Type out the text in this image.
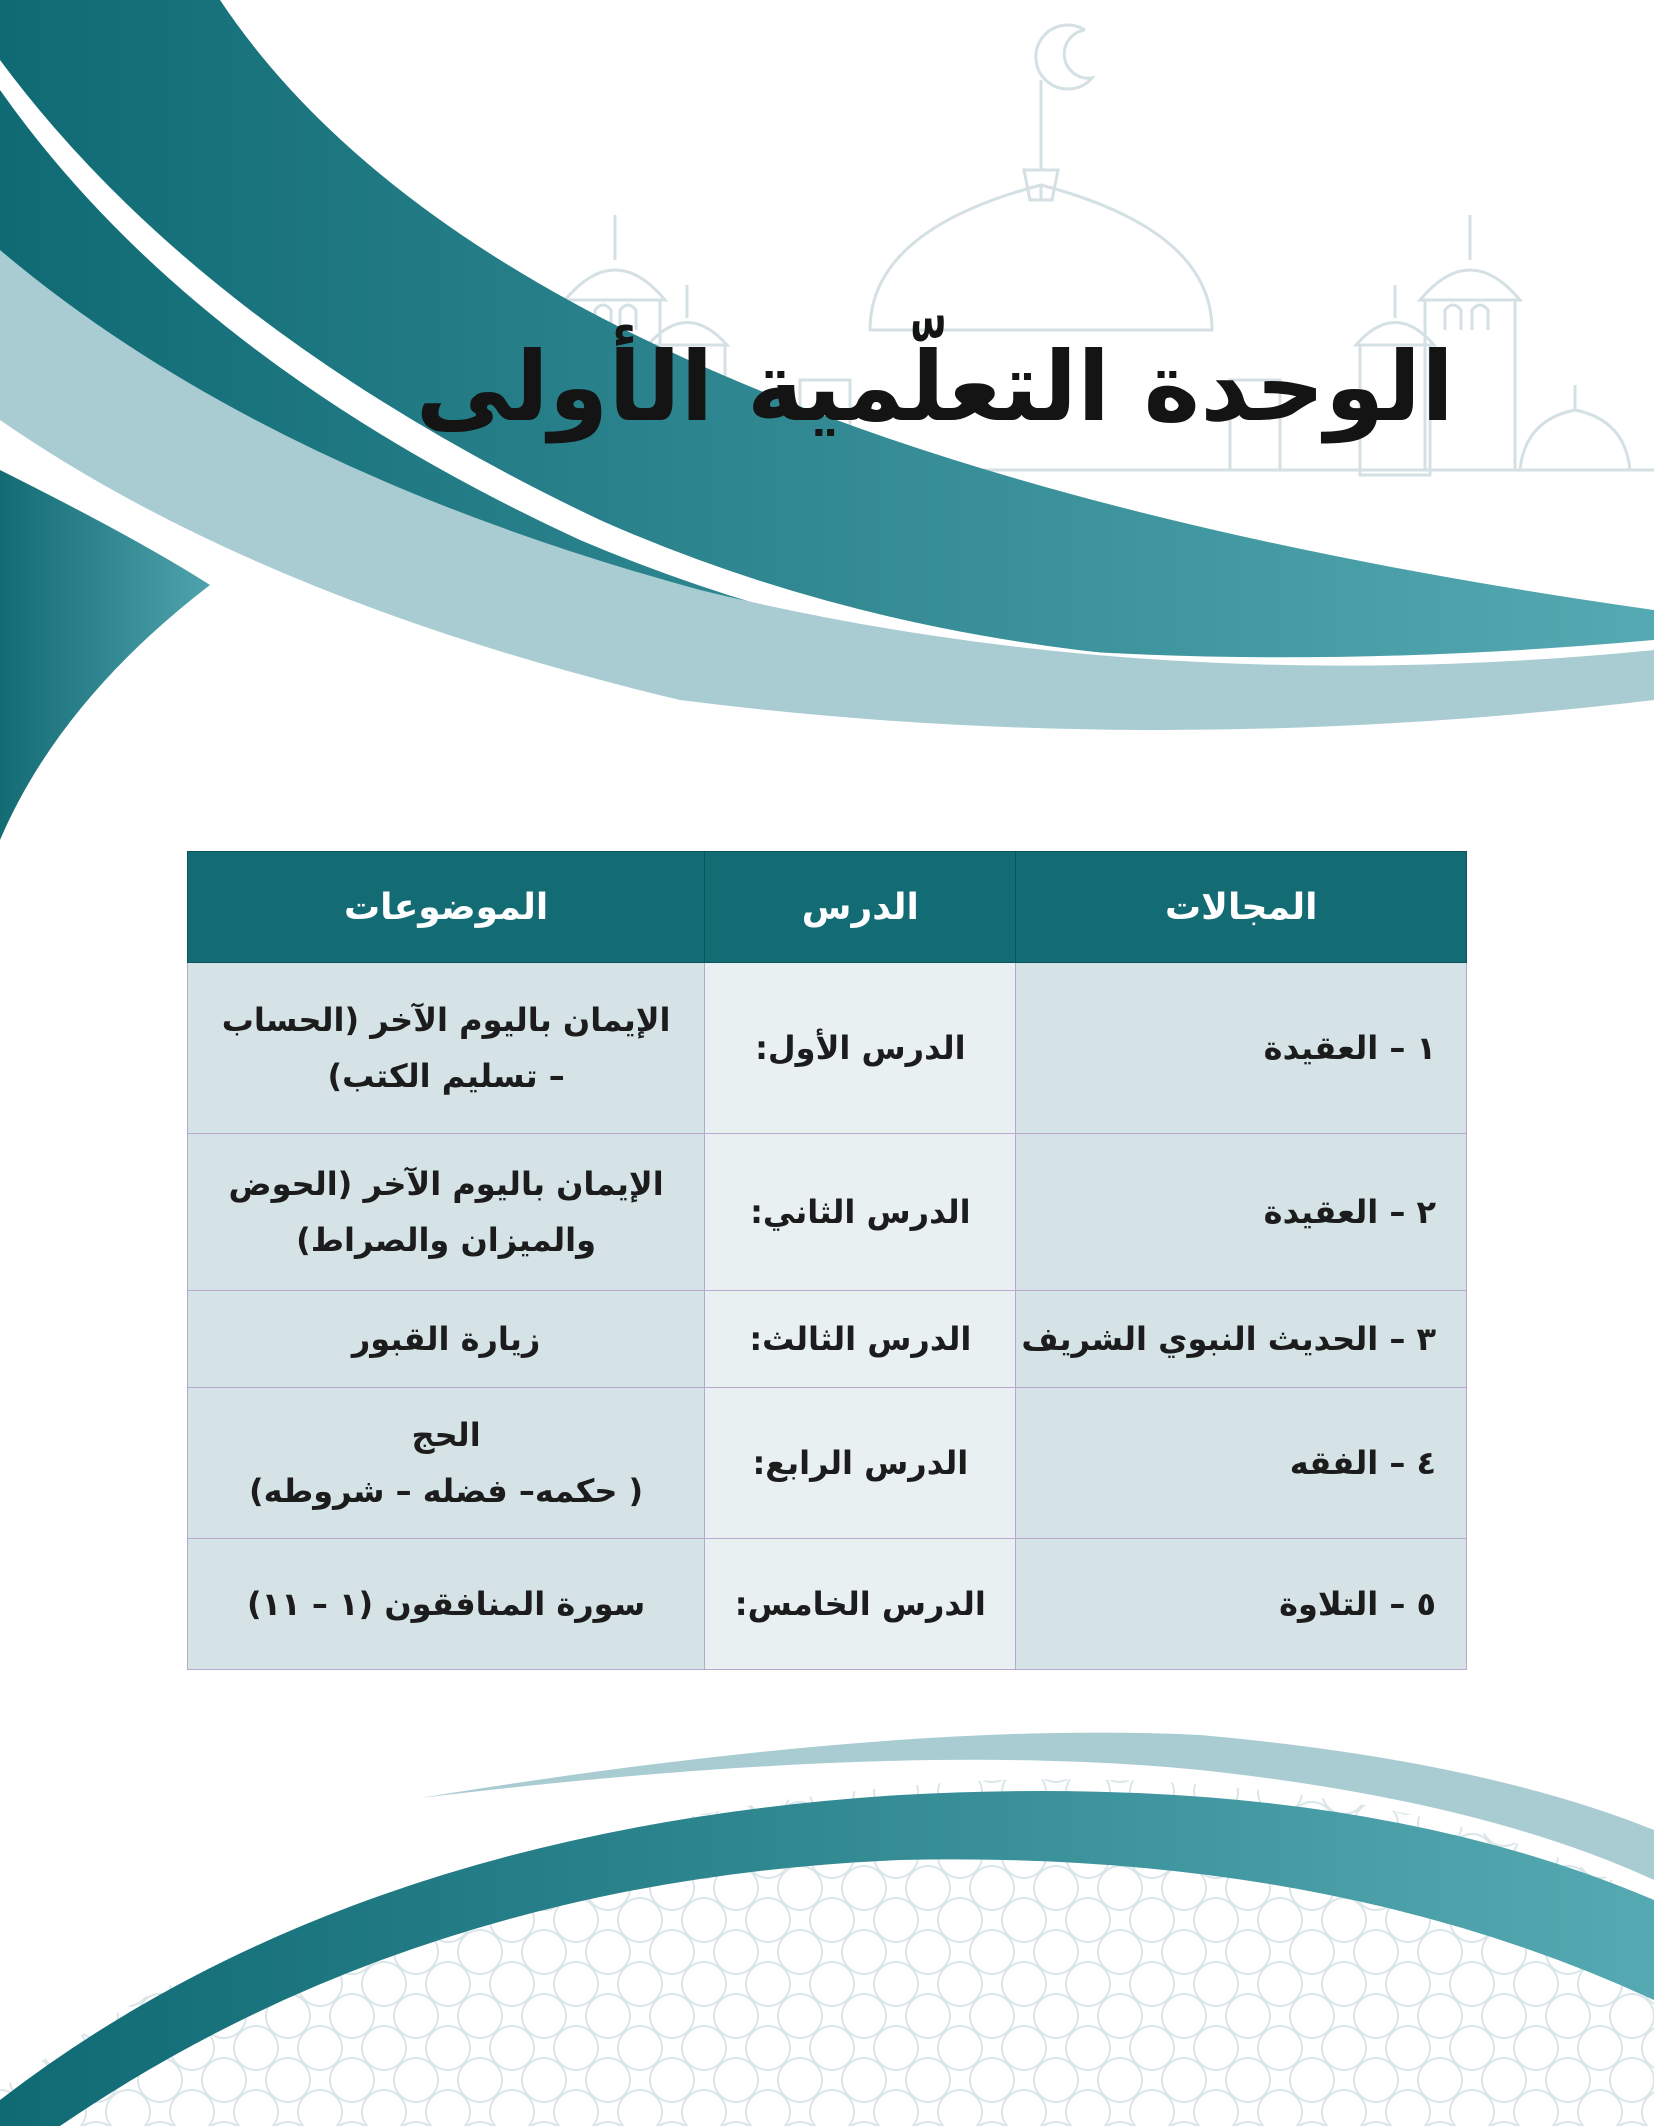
الوحدة التعلّمية الأولى
المجالات	الدرس	الموضوعات
١ – العقيدة	الدرس الأول:	الإيمان باليوم الآخر (الحساب
– تسليم الكتب)

٢ – العقيدة	الدرس الثاني:	الإيمان باليوم الآخر (الحوض
والميزان والصراط)

٣ – الحديث النبوي الشريف	الدرس الثالث:	زيارة القبور

٤ – الفقه	الدرس الرابع:	الحج
( حكمه– فضله – شروطه)

٥ – التلاوة	الدرس الخامس:	سورة المنافقون (١ – ١١)
